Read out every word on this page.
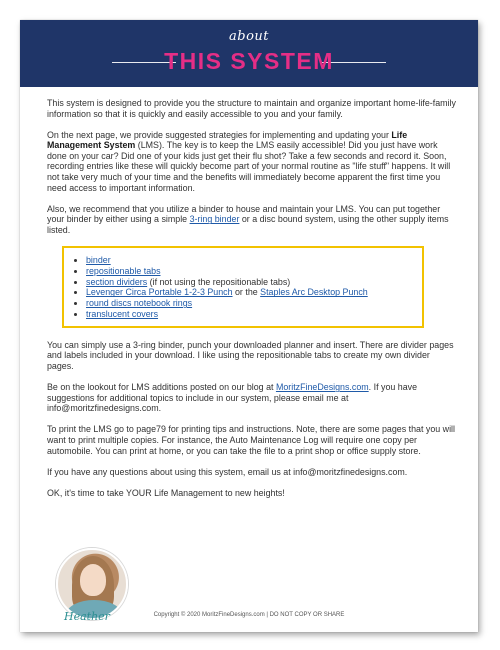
about
THIS SYSTEM

This system is designed to provide you the structure to maintain and organize important home-life-family information so that it is quickly and easily accessible to you and your family.

On the next page, we provide suggested strategies for implementing and updating your Life Management System (LMS). The key is to keep the LMS easily accessible! Did you just have work done on your car? Did one of your kids just get their flu shot? Take a few seconds and record it. Soon, recording entries like these will quickly become part of your normal routine as "life stuff" happens. It will not take very much of your time and the benefits will immediately become apparent the first time you need access to important information.

Also, we recommend that you utilize a binder to house and maintain your LMS. You can put together your binder by either using a simple 3-ring binder or a disc bound system, using the other supply items listed.

• binder
• repositionable tabs
• section dividers (if not using the repositionable tabs)
• Levenger Circa Portable 1-2-3 Punch or the Staples Arc Desktop Punch
• round discs notebook rings
• translucent covers

You can simply use a 3-ring binder, punch your downloaded planner and insert. There are divider pages and labels included in your download. I like using the repositionable tabs to create my own divider pages.

Be on the lookout for LMS additions posted on our blog at MoritzFineDesigns.com. If you have suggestions for additional topics to include in our system, please email me at info@moritzfinedesigns.com.

To print the LMS go to page79 for printing tips and instructions. Note, there are some pages that you will want to print multiple copies. For instance, the Auto Maintenance Log will require one copy per automobile. You can print at home, or you can take the file to a print shop or office supply store.

If you have any questions about using this system, email us at info@moritzfinedesigns.com.

OK, it's time to take YOUR Life Management to new heights!

Heather	Copyright © 2020 MoritzFineDesigns.com | DO NOT COPY OR SHARE
